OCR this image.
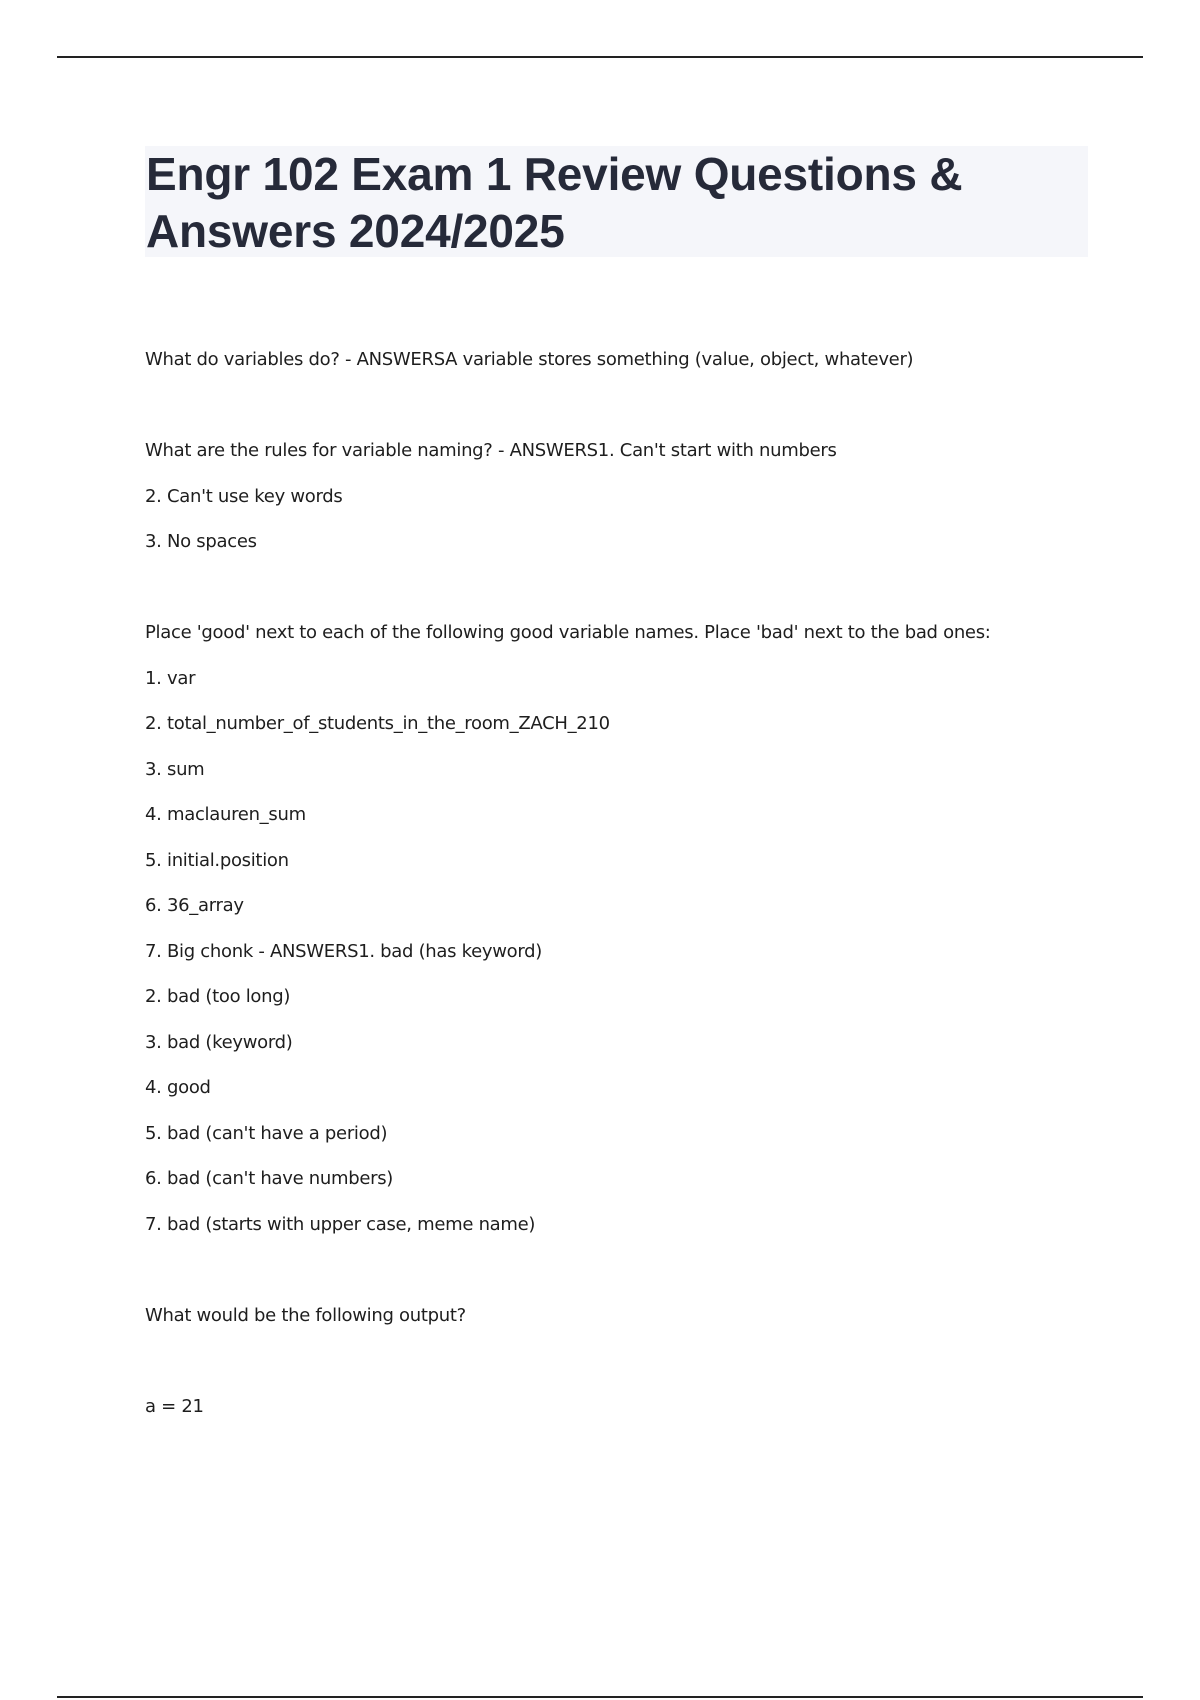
Engr 102 Exam 1 Review Questions & Answers 2024/2025

What do variables do? - ANSWERSA variable stores something (value, object, whatever)

What are the rules for variable naming? - ANSWERS1. Can't start with numbers

2. Can't use key words

3. No spaces

Place 'good' next to each of the following good variable names. Place 'bad' next to the bad ones:

1. var

2. total_number_of_students_in_the_room_ZACH_210

3. sum

4. maclauren_sum

5. initial.position

6. 36_array

7. Big chonk - ANSWERS1. bad (has keyword)

2. bad (too long)

3. bad (keyword)

4. good

5. bad (can't have a period)

6. bad (can't have numbers)

7. bad (starts with upper case, meme name)

What would be the following output?

a = 21
